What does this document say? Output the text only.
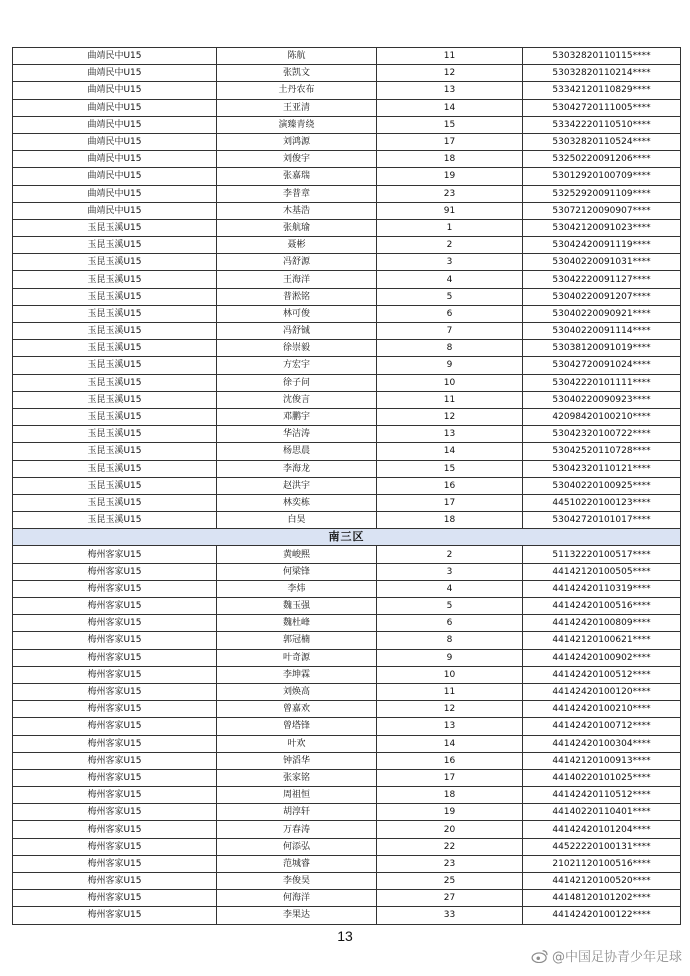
曲靖民中U15	陈航	11	53032820110115****
曲靖民中U15	张凯文	12	53032820110214****
曲靖民中U15	土丹农布	13	53342120110829****
曲靖民中U15	王亚清	14	53042720111005****
曲靖民中U15	演臻青绕	15	53342220110510****
曲靖民中U15	刘鸿源	17	53032820110524****
曲靖民中U15	刘俊宇	18	53250220091206****
曲靖民中U15	张嘉瑞	19	53012920100709****
曲靖民中U15	李普章	23	53252920091109****
曲靖民中U15	木基浩	91	53072120090907****
玉昆玉溪U15	张航瑜	1	53042120091023****
玉昆玉溪U15	聂彬	2	53042420091119****
玉昆玉溪U15	冯舒源	3	53040220091031****
玉昆玉溪U15	王海洋	4	53042220091127****
玉昆玉溪U15	普淞铭	5	53040220091207****
玉昆玉溪U15	林可俊	6	53040220090921****
玉昆玉溪U15	冯舒铖	7	53040220091114****
玉昆玉溪U15	徐崇毅	8	53038120091019****
玉昆玉溪U15	方宏宇	9	53042720091024****
玉昆玉溪U15	徐子问	10	53042220101111****
玉昆玉溪U15	沈俊言	11	53040220090923****
玉昆玉溪U15	邓鹏宇	12	42098420100210****
玉昆玉溪U15	华洁涛	13	53042320100722****
玉昆玉溪U15	杨思晨	14	53042520110728****
玉昆玉溪U15	李海龙	15	53042320110121****
玉昆玉溪U15	赵洪宇	16	53040220100925****
玉昆玉溪U15	林奕栋	17	44510220100123****
玉昆玉溪U15	白昊	18	53042720101017****
南三区			
梅州客家U15	黄峻熙	2	51132220100517****
梅州客家U15	何梁锋	3	44142120100505****
梅州客家U15	李炜	4	44142420110319****
梅州客家U15	魏玉强	5	44142420100516****
梅州客家U15	魏杜峰	6	44142420100809****
梅州客家U15	郭冠楠	8	44142120100621****
梅州客家U15	叶奇源	9	44142420100902****
梅州客家U15	李坤霖	10	44142420100512****
梅州客家U15	刘焕高	11	44142420100120****
梅州客家U15	曾嘉欢	12	44142420100210****
梅州客家U15	曾塔锋	13	44142420100712****
梅州客家U15	叶欢	14	44142420100304****
梅州客家U15	钟滔华	16	44142120100913****
梅州客家U15	张家铭	17	44140220101025****
梅州客家U15	周祖恒	18	44142420110512****
梅州客家U15	胡淳轩	19	44140220110401****
梅州客家U15	万春涛	20	44142420101204****
梅州客家U15	何添弘	22	44522220100131****
梅州客家U15	范城睿	23	21021120100516****
梅州客家U15	李俊昊	25	44142120100520****
梅州客家U15	何海洋	27	44148120101202****
梅州客家U15	李果达	33	44142420100122****
13
@中国足协青少年足球
